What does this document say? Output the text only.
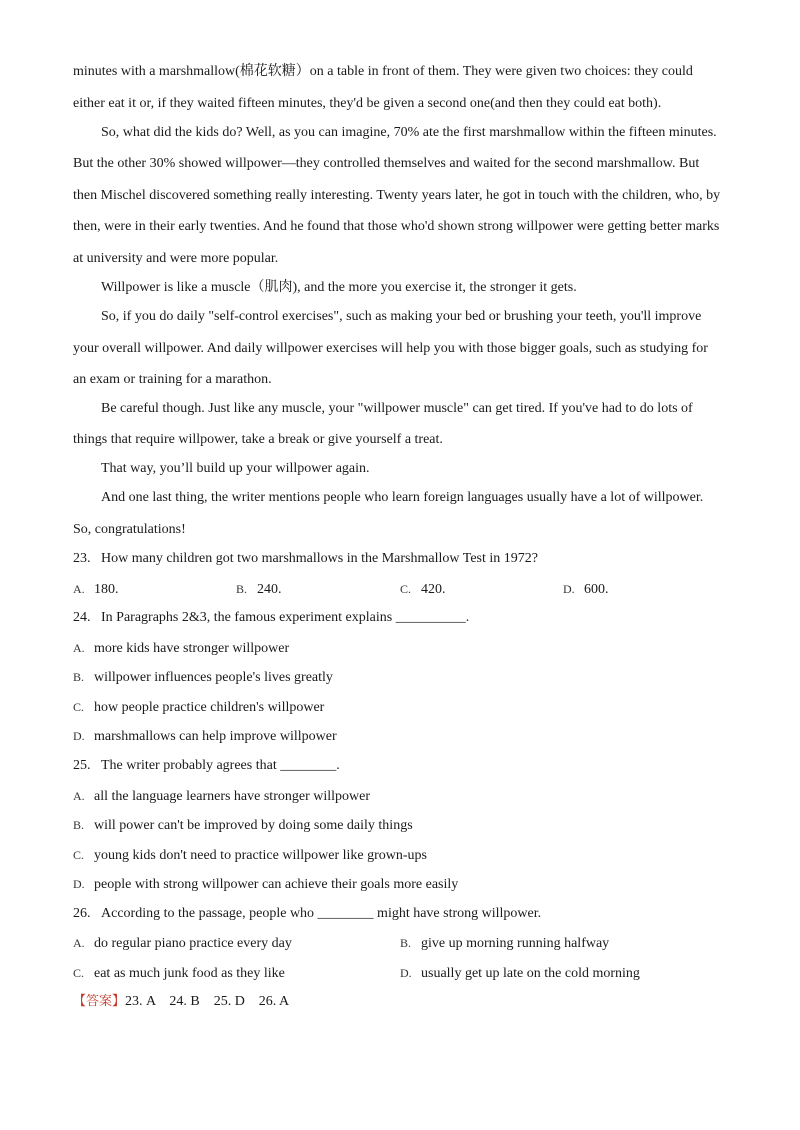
minutes with a marshmallow(棉花软糖）on a table in front of them. They were given two choices: they could
either eat it or, if they waited fifteen minutes, they'd be given a second one(and then they could eat both).
So, what did the kids do? Well, as you can imagine, 70% ate the first marshmallow within the fifteen minutes.
But the other 30% showed willpower—they controlled themselves and waited for the second marshmallow. But
then Mischel discovered something really interesting. Twenty years later, he got in touch with the children, who, by
then, were in their early twenties. And he found that those who'd shown strong willpower were getting better marks
at university and were more popular.
Willpower is like a muscle（肌肉), and the more you exercise it, the stronger it gets.
So, if you do daily "self-control exercises", such as making your bed or brushing your teeth, you'll improve
your overall willpower. And daily willpower exercises will help you with those bigger goals, such as studying for
an exam or training for a marathon.
Be careful though. Just like any muscle, your "willpower muscle" can get tired. If you've had to do lots of
things that require willpower, take a break or give yourself a treat.
That way, you’ll build up your willpower again.
And one last thing, the writer mentions people who learn foreign languages usually have a lot of willpower.
So, congratulations!
23. How many children got two marshmallows in the Marshmallow Test in 1972?
A. 180.	B. 240.	C. 420.	D. 600.
24. In Paragraphs 2&3, the famous experiment explains __________.
A. more kids have stronger willpower
B. willpower influences people's lives greatly
C. how people practice children's willpower
D. marshmallows can help improve willpower
25. The writer probably agrees that ________.
A. all the language learners have stronger willpower
B. will power can't be improved by doing some daily things
C. young kids don't need to practice willpower like grown-ups
D. people with strong willpower can achieve their goals more easily
26. According to the passage, people who ________ might have strong willpower.
A. do regular piano practice every day	B. give up morning running halfway
C. eat as much junk food as they like	D. usually get up late on the cold morning
【答案】23. A    24. B    25. D    26. A
